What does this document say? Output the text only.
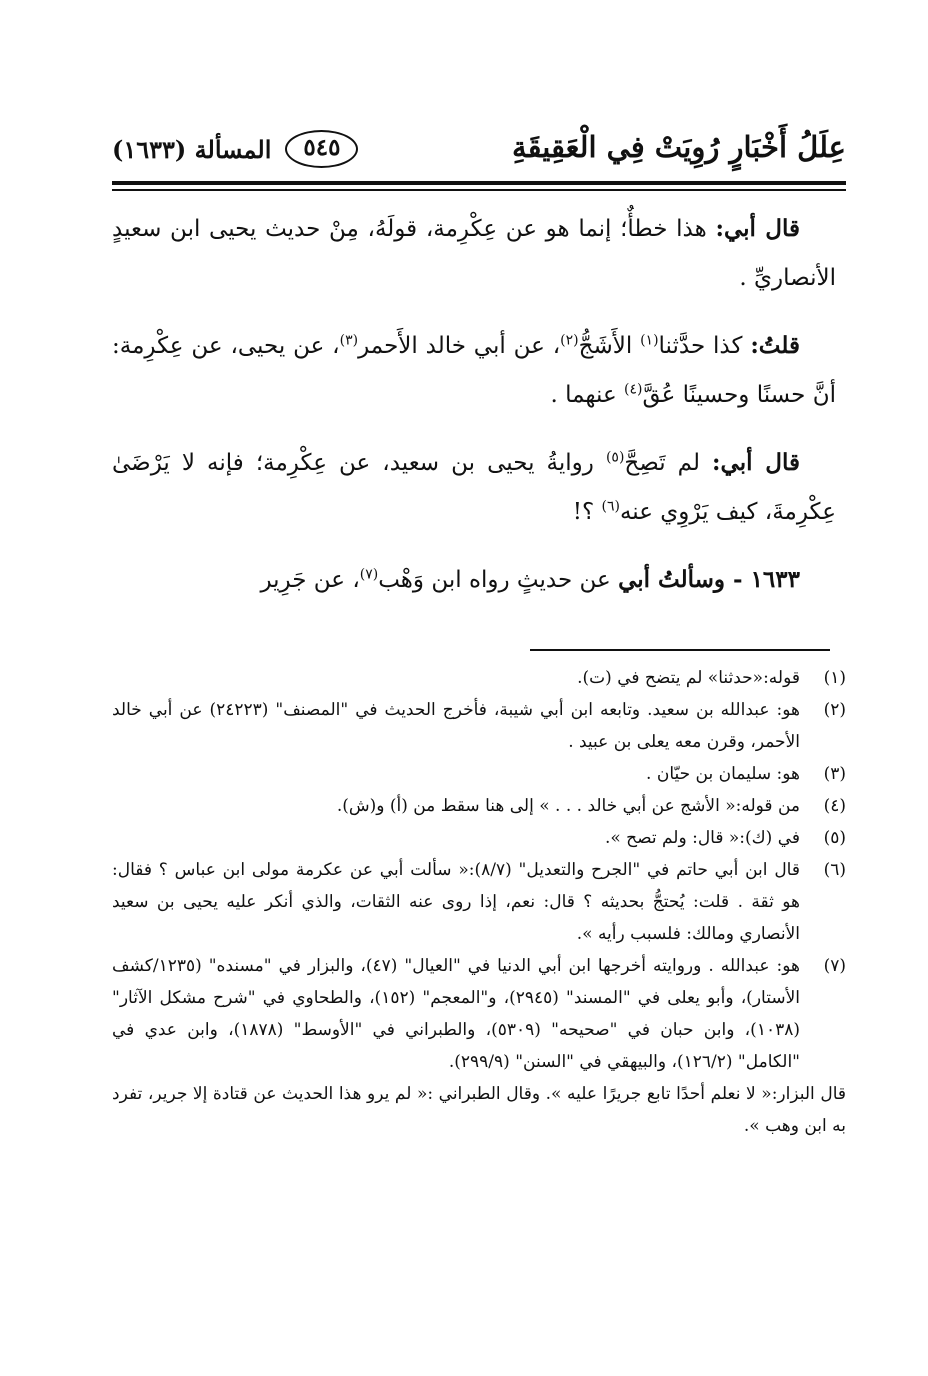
عِلَلُ أَخْبَارٍ رُوِيَتْ فِي الْعَقِيقَةِ
المسألة (١٦٣٣)	٥٤٥

قال أبي: هذا خطأٌ؛ إنما هو عن عِكْرِمة، قولَهُ، مِنْ حديث يحيى ابن سعيدٍ الأنصاريِّ .

قلتُ: كذا حدَّثنا$^{(١)}$ الأَشَجُّ$^{(٢)}$، عن أبي خالد الأَحمر$^{(٣)}$، عن يحيى، عن عِكْرِمة: أنَّ حسنًا وحسينًا عُقَّ$^{(٤)}$ عنهما .

قال أبي: لم تَصِحَّ$^{(٥)}$ روايةُ يحيى بن سعيد، عن عِكْرِمة؛ فإنه لا يَرْضَىٰ عِكْرِمةَ، كيف يَرْوِي عنه$^{(٦)}$ ؟!

١٦٣٣ - وسألتُ أبي عن حديثٍ رواه ابن وَهْب$^{(٧)}$، عن جَرِير

(١)
قوله:«حدثنا» لم يتضح في (ت).
(٢)
هو: عبدالله بن سعيد. وتابعه ابن أبي شيبة، فأخرج الحديث في "المصنف" (٢٤٢٢٣) عن أبي خالد الأحمر، وقرن معه يعلى بن عبيد .
(٣)
هو: سليمان بن حيّان .
(٤)
من قوله:« الأشج عن أبي خالد . . . » إلى هنا سقط من (أ) و(ش).
(٥)
في (ك):« قال: ولم تصح ».
(٦)
قال ابن أبي حاتم في "الجرح والتعديل" (٨/٧):« سألت أبي عن عكرمة مولى ابن عباس ؟ فقال: هو ثقة . قلت: يُحتجُّ بحديثه ؟ قال: نعم، إذا روى عنه الثقات، والذي أنكر عليه يحيى بن سعيد الأنصاري ومالك: فلسبب رأيه ».
(٧)
هو: عبدالله . وروايته أخرجها ابن أبي الدنيا في "العيال" (٤٧)، والبزار في "مسنده" (١٢٣٥/كشف الأستار)، وأبو يعلى في "المسند" (٢٩٤٥)، و"المعجم" (١٥٢)، والطحاوي في "شرح مشكل الآثار" (١٠٣٨)، وابن حبان في "صحيحه" (٥٣٠٩)، والطبراني في "الأوسط" (١٨٧٨)، وابن عدي في "الكامل" (١٢٦/٢)، والبيهقي في "السنن" (٢٩٩/٩).

قال البزار:« لا نعلم أحدًا تابع جريرًا عليه ». وقال الطبراني :« لم يرو هذا الحديث عن قتادة إلا جرير، تفرد به ابن وهب ».
